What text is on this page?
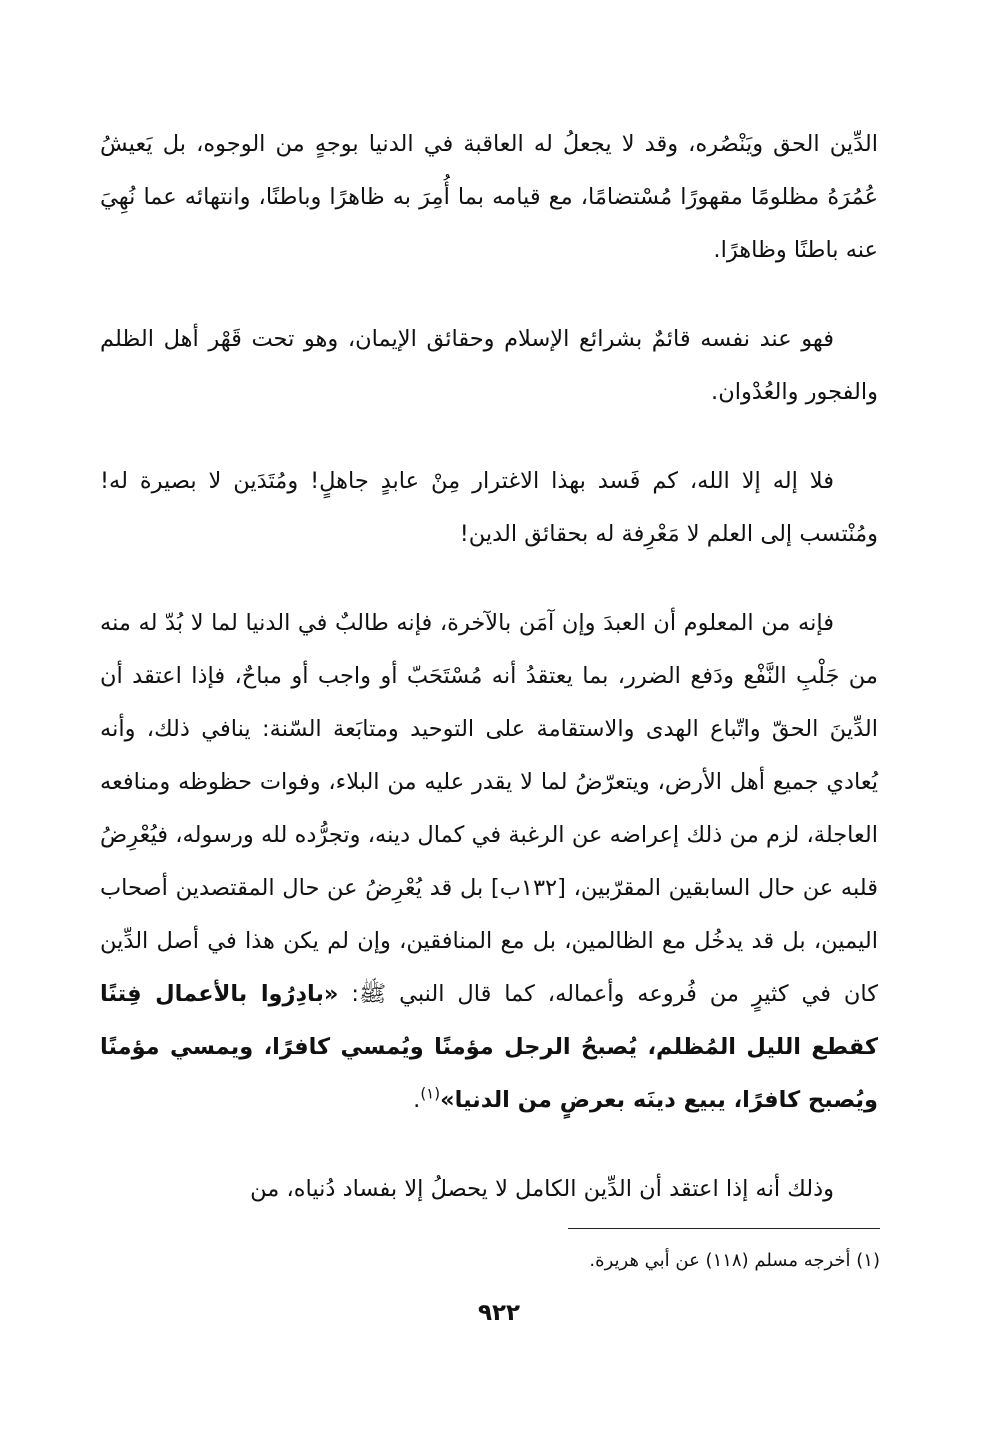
الدِّين الحق ويَنْصُره، وقد لا يجعلُ له العاقبة في الدنيا بوجهٍ من الوجوه، بل يَعيشُ عُمُرَهُ مظلومًا مقهورًا مُسْتضامًا، مع قيامه بما أُمِرَ به ظاهرًا وباطنًا، وانتهائه عما نُهِيَ عنه باطنًا وظاهرًا.

فهو عند نفسه قائمٌ بشرائع الإسلام وحقائق الإيمان، وهو تحت قَهْر أهل الظلم والفجور والعُدْوان.

فلا إله إلا الله، كم فَسد بهذا الاغترار مِنْ عابدٍ جاهلٍ! ومُتَدَين لا بصيرة له! ومُنْتسب إلى العلم لا مَعْرِفة له بحقائق الدين!

فإنه من المعلوم أن العبدَ وإن آمَن بالآخرة، فإنه طالبٌ في الدنيا لما لا بُدّ له منه من جَلْبِ النَّفْع ودَفع الضرر، بما يعتقدُ أنه مُسْتَحَبّ أو واجب أو مباحٌ، فإذا اعتقد أن الدِّينَ الحقّ واتّباع الهدى والاستقامة على التوحيد ومتابَعة السّنة: ينافي ذلك، وأنه يُعادي جميع أهل الأرض، ويتعرّضُ لما لا يقدر عليه من البلاء، وفوات حظوظه ومنافعه العاجلة، لزم من ذلك إعراضه عن الرغبة في كمال دينه، وتجرُّده لله ورسوله، فيُعْرِضُ قلبه عن حال السابقين المقرّبين، [١٣٢ب] بل قد يُعْرِضُ عن حال المقتصدين أصحاب اليمين، بل قد يدخُل مع الظالمين، بل مع المنافقين، وإن لم يكن هذا في أصل الدِّين كان في كثيرٍ من فُروعه وأعماله، كما قال النبي ﷺ: «بادِرُوا بالأعمال فِتنًا كقطع الليل المُظلم، يُصبحُ الرجل مؤمنًا ويُمسي كافرًا، ويمسي مؤمنًا ويُصبح كافرًا، يبيع دينَه بعرضٍ من الدنيا»$^{(١)}$.

وذلك أنه إذا اعتقد أن الدِّين الكامل لا يحصلُ إلا بفساد دُنياه، من

(١) أخرجه مسلم (١١٨) عن أبي هريرة.
٩٢٢
